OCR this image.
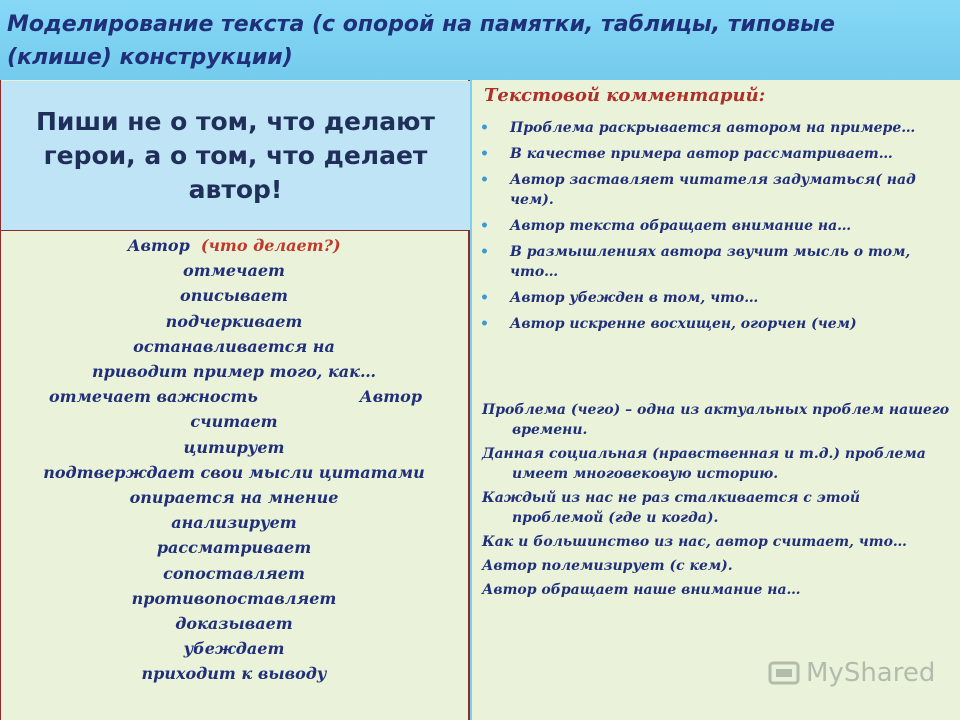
Моделирование текста (с опорой на памятки, таблицы, типовые (клише) конструкции)
Пиши не о том, что делают герои, а о том, что делает автор!
Автор (что делает?)
отмечает
описывает
подчеркивает
останавливается на
приводит пример того, как…
отмечает важность	Автор
считает
цитирует
подтверждает свои мысли цитатами
опирается на мнение
анализирует
рассматривает
сопоставляет
противопоставляет
доказывает
убеждает
приходит к выводу
Текстовой комментарий:
• Проблема раскрывается автором на примере…
• В качестве примера автор рассматривает…
• Автор заставляет читателя задуматься( над чем).
• Автор текста обращает внимание на…
• В размышлениях автора звучит мысль о том, что…
• Автор убежден в том, что…
• Автор искренне восхищен, огорчен (чем)
Проблема (чего) – одна из актуальных проблем нашего времени.
Данная социальная (нравственная и т.д.) проблема имеет многовековую историю.
Каждый из нас не раз сталкивается с этой проблемой (где и когда).
Как и большинство из нас, автор считает, что…
Автор полемизирует (с кем).
Автор обращает наше внимание на…
MyShared
